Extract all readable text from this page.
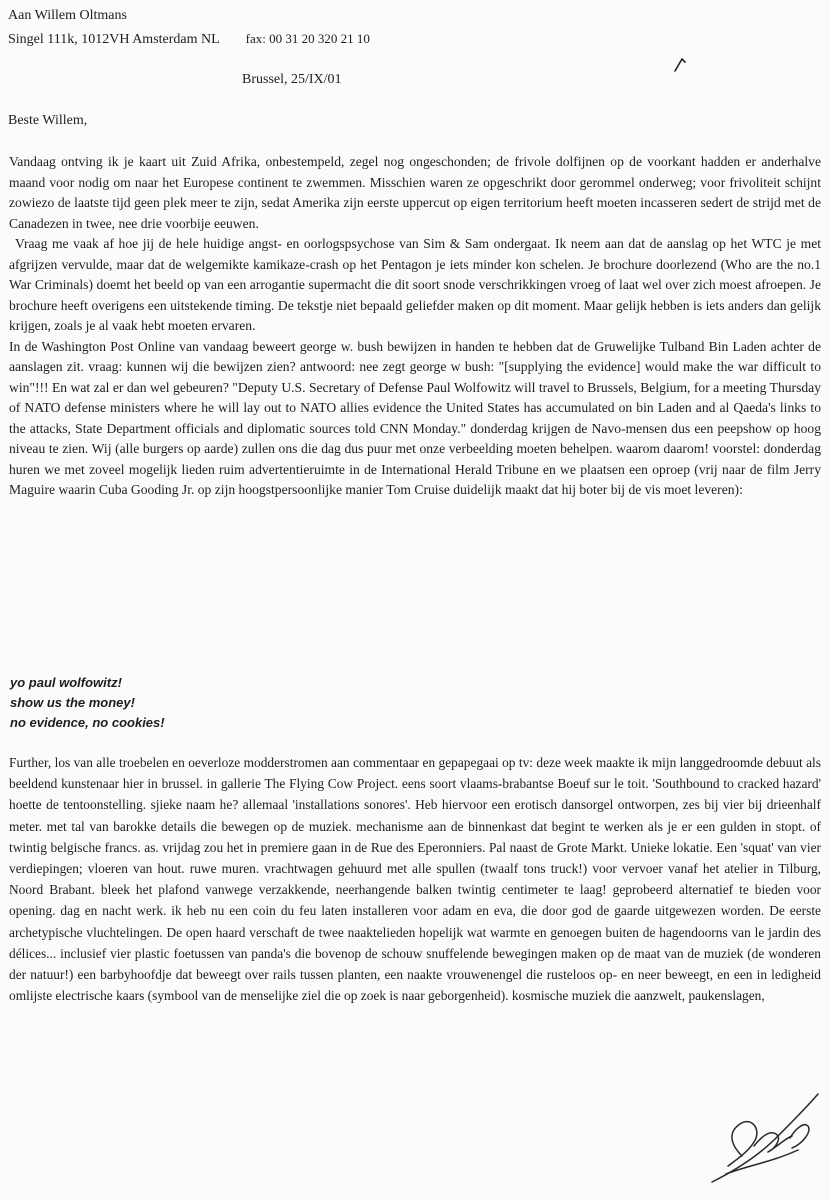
Aan Willem Oltmans
Singel 111k, 1012VH Amsterdam NL fax: 00 31 20 320 21 10
Brussel, 25/IX/01
Beste Willem,

Vandaag ontving ik je kaart uit Zuid Afrika, onbestempeld, zegel nog ongeschonden; de frivole dolfijnen op de voorkant hadden er anderhalve maand voor nodig om naar het Europese continent te zwemmen. Misschien waren ze opgeschrikt door gerommel onderweg; voor frivoliteit schijnt zowiezo de laatste tijd geen plek meer te zijn, sedat Amerika zijn eerste uppercut op eigen territorium heeft moeten incasseren sedert de strijd met de Canadezen in twee, nee drie voorbije eeuwen.

Vraag me vaak af hoe jij de hele huidige angst- en oorlogspsychose van Sim & Sam ondergaat. Ik neem aan dat de aanslag op het WTC je met afgrijzen vervulde, maar dat de welgemikte kamikaze-crash op het Pentagon je iets minder kon schelen. Je brochure doorlezend (Who are the no.1 War Criminals) doemt het beeld op van een arrogantie supermacht die dit soort snode verschrikkingen vroeg of laat wel over zich moest afroepen. Je brochure heeft overigens een uitstekende timing. De tekstje niet bepaald geliefder maken op dit moment. Maar gelijk hebben is iets anders dan gelijk krijgen, zoals je al vaak hebt moeten ervaren.

In de Washington Post Online van vandaag beweert george w. bush bewijzen in handen te hebben dat de Gruwelijke Tulband Bin Laden achter de aanslagen zit. vraag: kunnen wij die bewijzen zien? antwoord: nee zegt george w bush: "[supplying the evidence] would make the war difficult to win"!!! En wat zal er dan wel gebeuren? "Deputy U.S. Secretary of Defense Paul Wolfowitz will travel to Brussels, Belgium, for a meeting Thursday of NATO defense ministers where he will lay out to NATO allies evidence the United States has accumulated on bin Laden and al Qaeda's links to the attacks, State Department officials and diplomatic sources told CNN Monday." donderdag krijgen de Navo-mensen dus een peepshow op hoog niveau te zien. Wij (alle burgers op aarde) zullen ons die dag dus puur met onze verbeelding moeten behelpen. waarom daarom! voorstel: donderdag huren we met zoveel mogelijk lieden ruim advertentieruimte in de International Herald Tribune en we plaatsen een oproep (vrij naar de film Jerry Maguire waarin Cuba Gooding Jr. op zijn hoogstpersoonlijke manier Tom Cruise duidelijk maakt dat hij boter bij de vis moet leveren):

yo paul wolfowitz!
show us the money!
no evidence, no cookies!

Further, los van alle troebelen en oeverloze modderstromen aan commentaar en gepapegaai op tv: deze week maakte ik mijn langgedroomde debuut als beeldend kunstenaar hier in brussel. in gallerie The Flying Cow Project. eens soort vlaams-brabantse Boeuf sur le toit. 'Southbound to cracked hazard' hoette de tentoonstelling. sjieke naam he? allemaal 'installations sonores'. Heb hiervoor een erotisch dansorgel ontworpen, zes bij vier bij drieenhalf meter. met tal van barokke details die bewegen op de muziek. mechanisme aan de binnenkast dat begint te werken als je er een gulden in stopt. of twintig belgische francs. as. vrijdag zou het in premiere gaan in de Rue des Eperonniers. Pal naast de Grote Markt. Unieke lokatie. Een 'squat' van vier verdiepingen; vloeren van hout. ruwe muren. vrachtwagen gehuurd met alle spullen (twaalf tons truck!) voor vervoer vanaf het atelier in Tilburg, Noord Brabant. bleek het plafond vanwege verzakkende, neerhangende balken twintig centimeter te laag! geprobeerd alternatief te bieden voor opening. dag en nacht werk. ik heb nu een coin du feu laten installeren voor adam en eva, die door god de gaarde uitgewezen worden. De eerste archetypische vluchtelingen. De open haard verschaft de twee naaktelieden hopelijk wat warmte en genoegen buiten de hagendoorns van le jardin des délices... inclusief vier plastic foetussen van panda's die bovenop de schouw snuffelende bewegingen maken op de maat van de muziek (de wonderen der natuur!) een barbyhoofdje dat beweegt over rails tussen planten, een naakte vrouwenengel die rusteloos op- en neer beweegt, en een in ledigheid omlijste electrische kaars (symbool van de menselijke ziel die op zoek is naar geborgenheid). kosmische muziek die aanzwelt, paukenslagen,
